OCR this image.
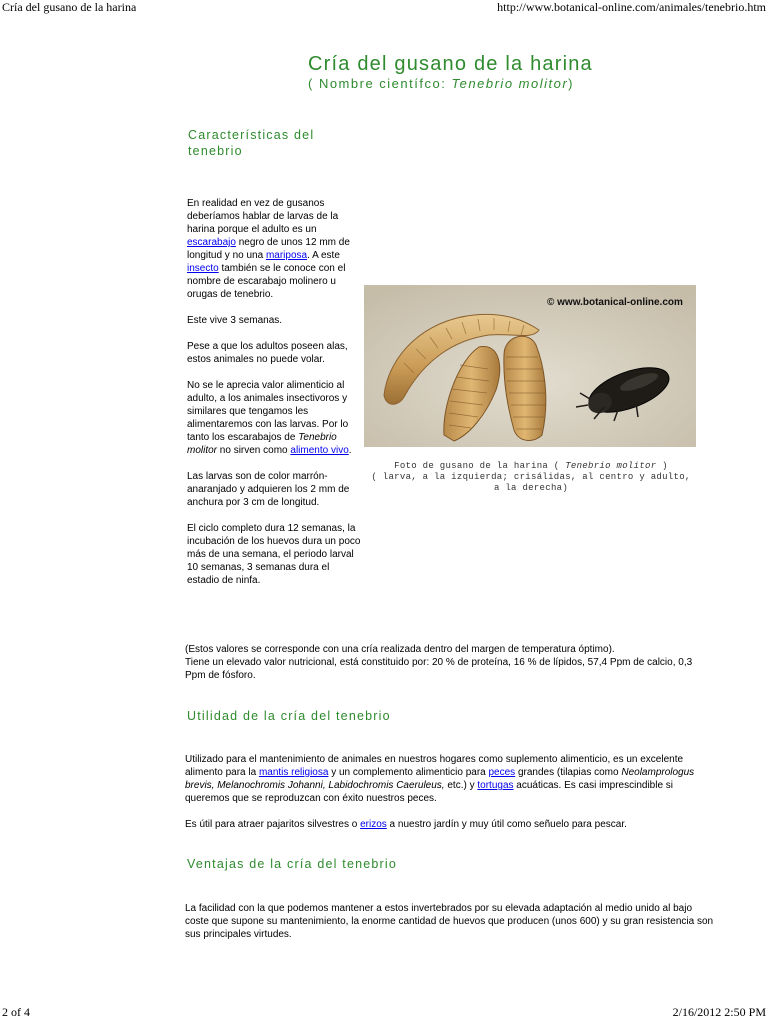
Cría del gusano de la harina	http://www.botanical-online.com/animales/tenebrio.htm
Cría del gusano de la harina
( Nombre científco: Tenebrio molitor)
Características del
tenebrio

En realidad en vez de gusanos deberíamos hablar de larvas de la harina porque el adulto es un escarabajo negro de unos 12 mm de longitud y no una mariposa. A este insecto también se le conoce con el nombre de escarabajo molinero u orugas de tenebrio.

Este vive 3 semanas.

Pese a que los adultos poseen alas, estos animales no puede volar.

No se le aprecia valor alimenticio al adulto, a los animales insectivoros y similares que tengamos les alimentaremos con las larvas. Por lo tanto los escarabajos de Tenebrio molitor no sirven como alimento vivo.

Las larvas son de color marrón-anaranjado y adquieren los 2 mm de anchura por 3 cm de longitud.

El ciclo completo dura 12 semanas, la incubación de los huevos dura un poco más de una semana, el periodo larval 10 semanas, 3 semanas dura el estadio de ninfa.

© www.botanical-online.com
Foto de gusano de la harina ( Tenebrio molitor )
( larva, a la izquierda; crisálidas, al centro y adulto,
a la derecha)
(Estos valores se corresponde con una cría realizada dentro del margen de temperatura óptimo).
Tiene un elevado valor nutricional, está constituido por: 20 % de proteína, 16 % de lípidos, 57,4 Ppm de calcio, 0,3 Ppm de fósforo.
Utilidad de la cría del tenebrio

Utilizado para el mantenimiento de animales en nuestros hogares como suplemento alimenticio, es un excelente alimento para la mantis religiosa y un complemento alimenticio para peces grandes (tilapias como Neolamprologus brevis, Melanochromis Johanni, Labidochromis Caeruleus, etc.) y tortugas acuáticas. Es casi imprescindible si queremos que se reproduzcan con éxito nuestros peces.

Es útil para atraer pajaritos silvestres o erizos a nuestro jardín y muy útil como señuelo para pescar.

Ventajas de la cría del tenebrio
La facilidad con la que podemos mantener a estos invertebrados por su elevada adaptación al medio unido al bajo coste que supone su mantenimiento, la enorme cantidad de huevos que producen (unos 600) y su gran resistencia son sus principales virtudes.
2 of 4	2/16/2012 2:50 PM
